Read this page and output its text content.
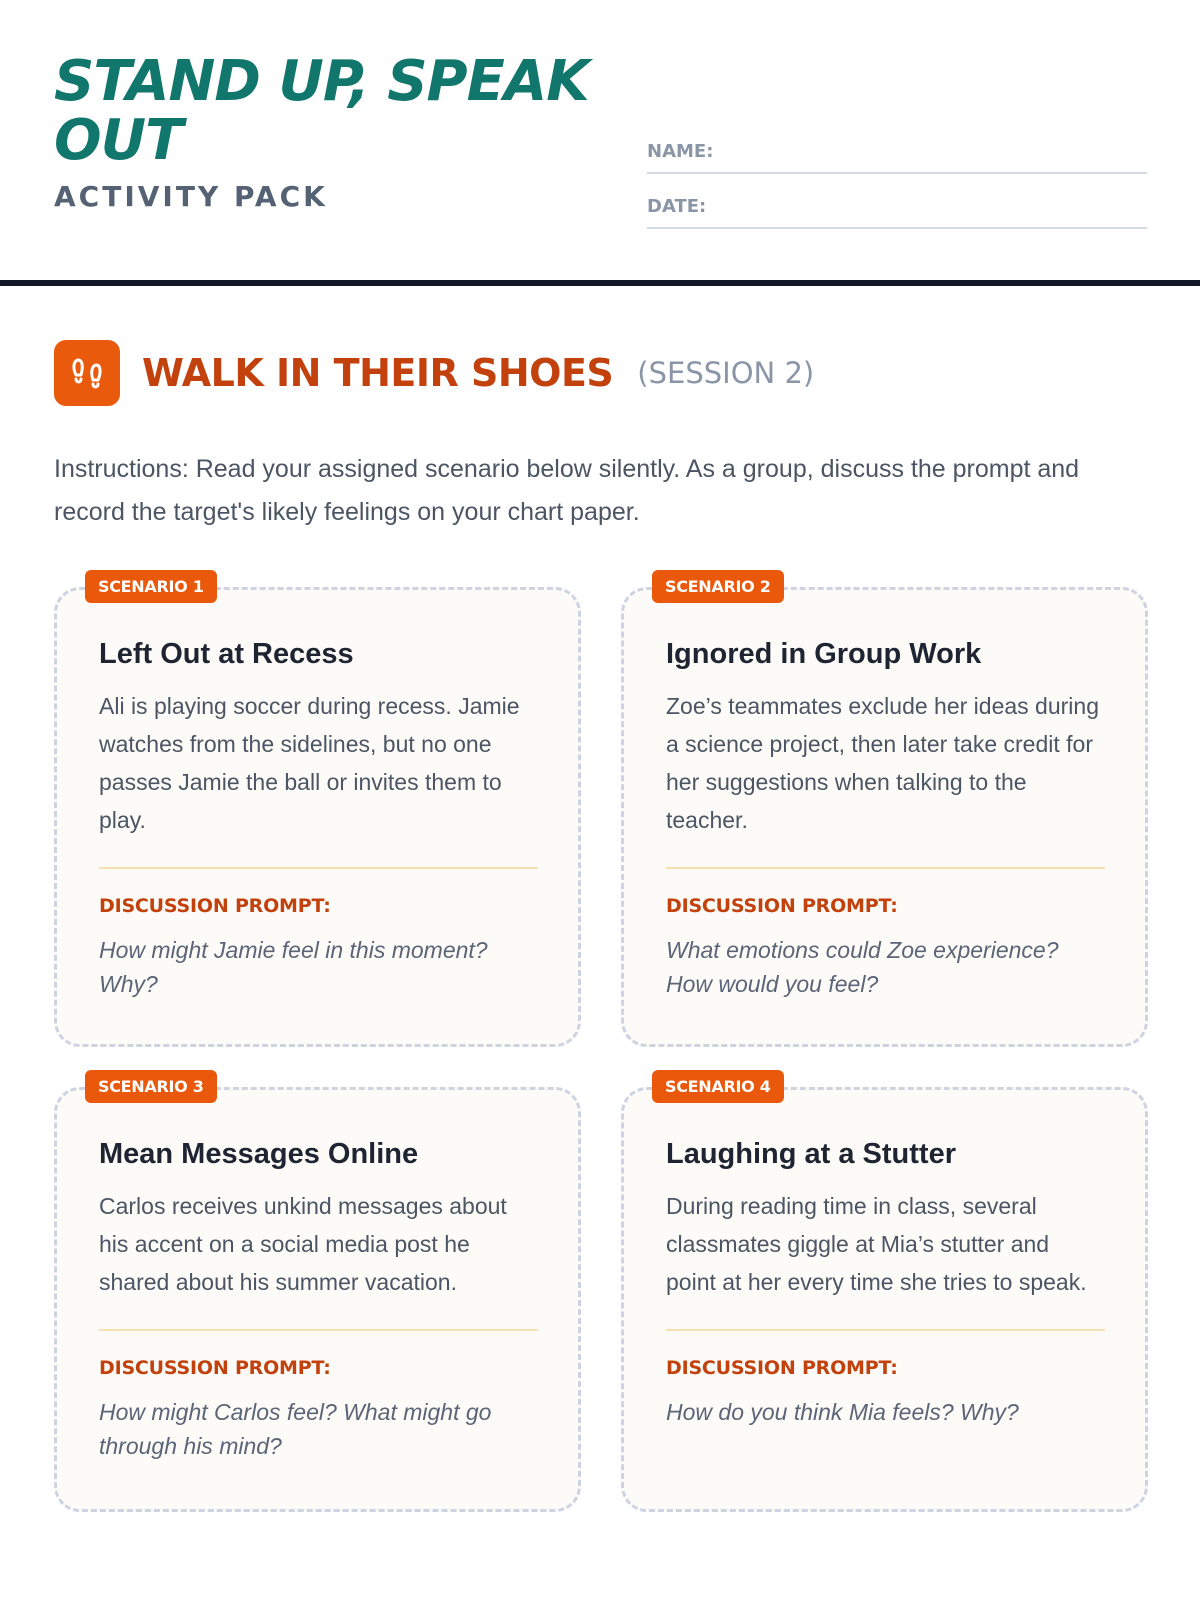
STAND UP, SPEAK OUT
ACTIVITY PACK
NAME:
DATE:
WALK IN THEIR SHOES (SESSION 2)

Instructions: Read your assigned scenario below silently. As a group, discuss the prompt and record the target's likely feelings on your chart paper.

SCENARIO 1
Left Out at Recess
Ali is playing soccer during recess. Jamie watches from the sidelines, but no one passes Jamie the ball or invites them to play.
DISCUSSION PROMPT:
How might Jamie feel in this moment? Why?
SCENARIO 2
Ignored in Group Work
Zoe’s teammates exclude her ideas during a science project, then later take credit for her suggestions when talking to the teacher.
DISCUSSION PROMPT:
What emotions could Zoe experience? How would you feel?
SCENARIO 3
Mean Messages Online
Carlos receives unkind messages about his accent on a social media post he shared about his summer vacation.
DISCUSSION PROMPT:
How might Carlos feel? What might go through his mind?
SCENARIO 4
Laughing at a Stutter
During reading time in class, several classmates giggle at Mia’s stutter and point at her every time she tries to speak.
DISCUSSION PROMPT:
How do you think Mia feels? Why?
